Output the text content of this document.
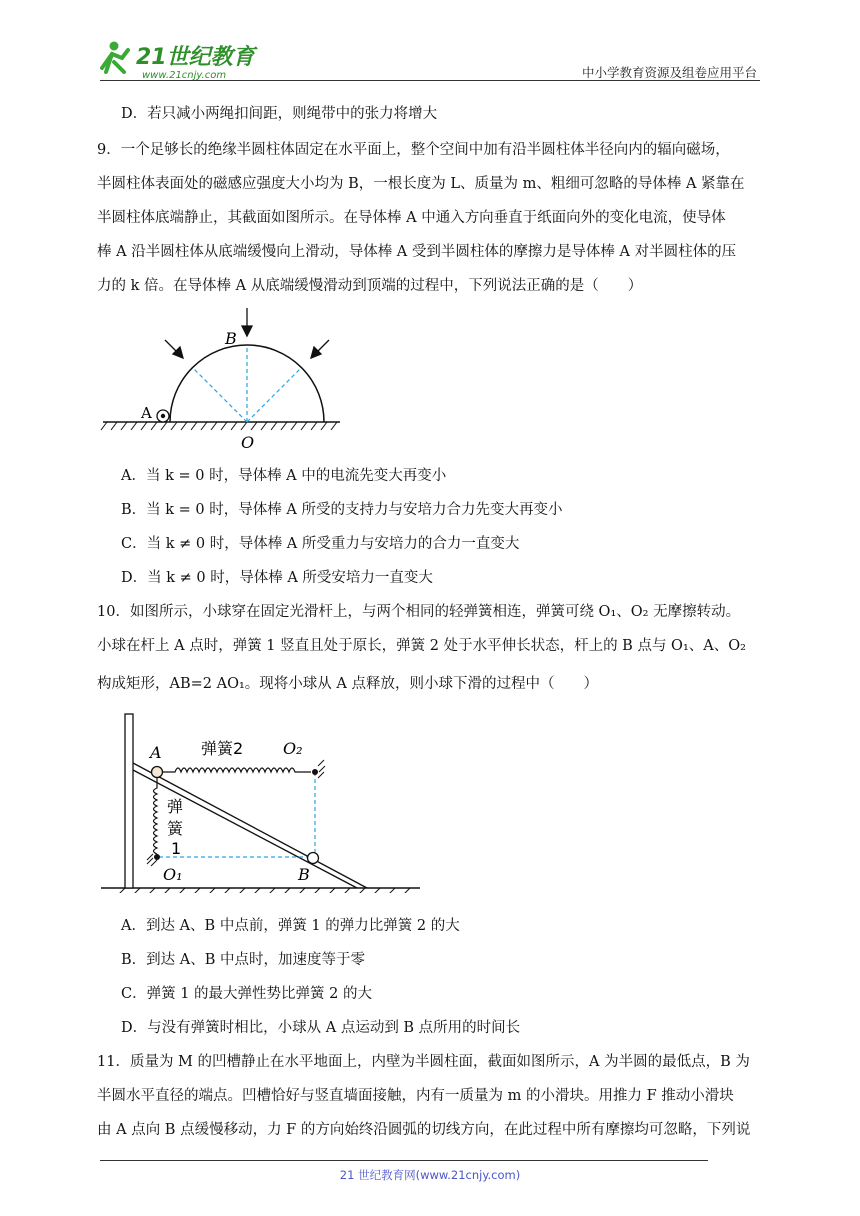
21世纪教育
www.21cnjy.com	中小学教育资源及组卷应用平台
D．若只减小两绳扣间距，则绳带中的张力将增大
9．一个足够长的绝缘半圆柱体固定在水平面上，整个空间中加有沿半圆柱体半径向内的辐向磁场，
半圆柱体表面处的磁感应强度大小均为 B，一根长度为 L、质量为 m、粗细可忽略的导体棒 A 紧靠在
半圆柱体底端静止，其截面如图所示。在导体棒 A 中通入方向垂直于纸面向外的变化电流，使导体
棒 A 沿半圆柱体从底端缓慢向上滑动，导体棒 A 受到半圆柱体的摩擦力是导体棒 A 对半圆柱体的压
力的 k 倍。在导体棒 A 从底端缓慢滑动到顶端的过程中，下列说法正确的是（　　）
B
A
O
A．当 k = 0 时，导体棒 A 中的电流先变大再变小
B．当 k = 0 时，导体棒 A 所受的支持力与安培力合力先变大再变小
C．当 k ≠ 0 时，导体棒 A 所受重力与安培力的合力一直变大
D．当 k ≠ 0 时，导体棒 A 所受安培力一直变大
10．如图所示，小球穿在固定光滑杆上，与两个相同的轻弹簧相连，弹簧可绕 O₁、O₂ 无摩擦转动。
小球在杆上 A 点时，弹簧 1 竖直且处于原长，弹簧 2 处于水平伸长状态，杆上的 B 点与 O₁、A、O₂
构成矩形，AB=2 AO₁。现将小球从 A 点释放，则小球下滑的过程中（　　）
A 弹簧2 O₂
弹
簧
1
O₁	B
A．到达 A、B 中点前，弹簧 1 的弹力比弹簧 2 的大
B．到达 A、B 中点时，加速度等于零
C．弹簧 1 的最大弹性势比弹簧 2 的大
D．与没有弹簧时相比，小球从 A 点运动到 B 点所用的时间长
11．质量为 M 的凹槽静止在水平地面上，内壁为半圆柱面，截面如图所示，A 为半圆的最低点，B 为
半圆水平直径的端点。凹槽恰好与竖直墙面接触，内有一质量为 m 的小滑块。用推力 F 推动小滑块
由 A 点向 B 点缓慢移动，力 F 的方向始终沿圆弧的切线方向，在此过程中所有摩擦均可忽略，下列说
21 世纪教育网(www.21cnjy.com)
